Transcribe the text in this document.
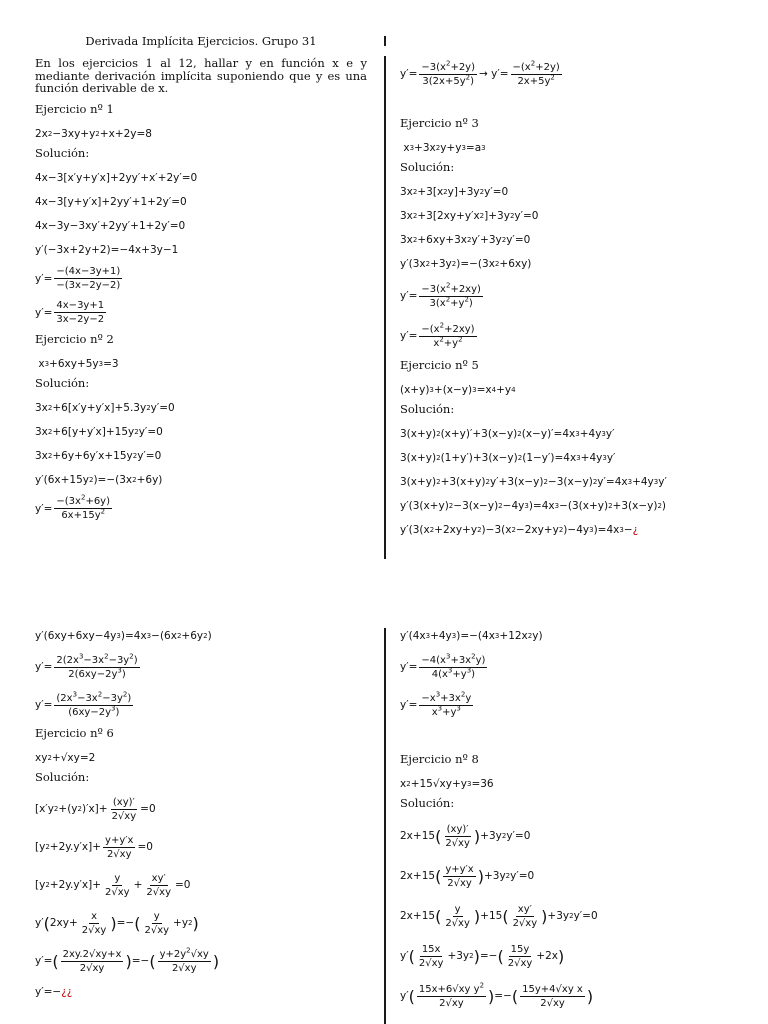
Derivada Implícita Ejercicios. Grupo 31
En los ejercicios 1 al 12, hallar y en función x e y mediante derivación implícita suponiendo que y es una función derivable de x.
Ejercicio nº 1
2x 2 −3xy+y 2 +x+2y=8
Solución:
4x−3[x′y+y′x]+2yy′+x′+2y′=0
4x−3[y+y′x]+2yy′+1+2y′=0
4x−3y−3xy′+2yy′+1+2y′=0
y′(−3x+2y+2)=−4x+3y−1
$y'= \frac{-(4x-3y+1)}{-(3x-2y-2)}$
$y'= \frac{4x-3y+1}{3x-2y-2}$
Ejercicio nº 2
x 3 +6xy+5y 3 =3
Solución:
3x 2 +6[x′y+y′x]+5.3y 2 y′=0
3x 2 +6[y+y′x]+15y 2 y′=0
3x 2 +6y+6y′x+15y 2 y′=0
y′(6x+15y 2 )=−(3x 2 +6y)
$y'= \frac{-(3x^2+6y)}{6x+15y^2}$
$y'= \frac{-3(x^2+2y)}{3(2x+5y^2)} \to y'= \frac{-(x^2+2y)}{2x+5y^2}$
Ejercicio nº 3
x 3 +3x 2 y+y 3 =a 3
Solución:
3x 2 +3[x 2 y]+3y 2 y′=0
3x 2 +3[2xy+y′x 2 ]+3y 2 y′=0
3x 2 +6xy+3x 2 y′+3y 2 y′=0
y′(3x 2 +3y 2 )=−(3x 2 +6xy)
$y'= \frac{-3(x^2+2xy)}{3(x^2+y^2)}$
$y'= \frac{-(x^2+2xy)}{x^2+y^2}$
Ejercicio nº 5
(x+y) 3 +(x−y) 3 =x 4 +y 4
Solución:
3(x+y) 2 (x+y)′+3(x−y) 2 (x−y)′=4x 3 +4y 3 y′
3(x+y) 2 (1+y′)+3(x−y) 2 (1−y′)=4x 3 +4y 3 y′
3(x+y) 2 +3(x+y) 2 y′+3(x−y) 2 −3(x−y) 2 y′=4x 3 +4y 3 y′
y′(3(x+y) 2 −3(x−y) 2 −4y 3 )=4x 3 −(3(x+y) 2 +3(x−y) 2 )
y′(3(x 2 +2xy+y 2 )−3(x 2 −2xy+y 2 )−4y 3 )=4x 3 − ¿
y′(6xy+6xy−4y 3 )=4x 3 −(6x 2 +6y 2 )
$y'= \frac{2(2x^3-3x^2-3y^2)}{2(6xy-2y^3)}$
$y'= \frac{(2x^3-3x^2-3y^2)}{(6xy-2y^3)}$
Ejercicio nº 6
xy 2 +√xy=2
Solución:
[x′y 2 +(y 2 )$'x]+ \frac{(xy)'}{2√xy} =0$
[y $2 +2y.y'x]+ \frac{y+y'x}{2√xy} =0$
[y $2 +2y.y'x]+ \frac{y}{2√xy} + \frac{xy'}{2√xy} =0$
y′ ( $2xy+ \frac{x}{2√xy}$ ) =− ( $\frac{y}{2√xy} +y$ 2 )
y′= ( $\frac{2xy.2√xy+x}{2√xy}$ ) =− ( $\frac{y+2y^2√xy}{2√xy}$ )
y′=− ¿¿
y′(4x 3 +4y 3 )=−(4x 3 +12x 2 y)
$y'= \frac{-4(x^3+3x^2y)}{4(x^3+y^3)}$
$y'= \frac{-x^3+3x^2y}{x^3+y^3}$
Ejercicio nº 8
x 2 +15√xy+y 3 =36
Solución:
2x+15 ( $\frac{(xy)'}{2√xy}$ ) +3y 2 y′=0
2x+15 ( $\frac{y+y'x}{2√xy}$ ) +3y 2 y′=0
2x+15 ( $\frac{y}{2√xy}$ ) +15 ( $\frac{xy'}{2√xy}$ ) +3y 2 y′=0
y′ ( $\frac{15x}{2√xy} +3y$ 2 ) =− ( $\frac{15y}{2√xy} +2x$ )
y′ ( $\frac{15x+6√xy y^2}{2√xy}$ ) =− ( $\frac{\text{15y+4√xy x}}{2√xy}$ )
